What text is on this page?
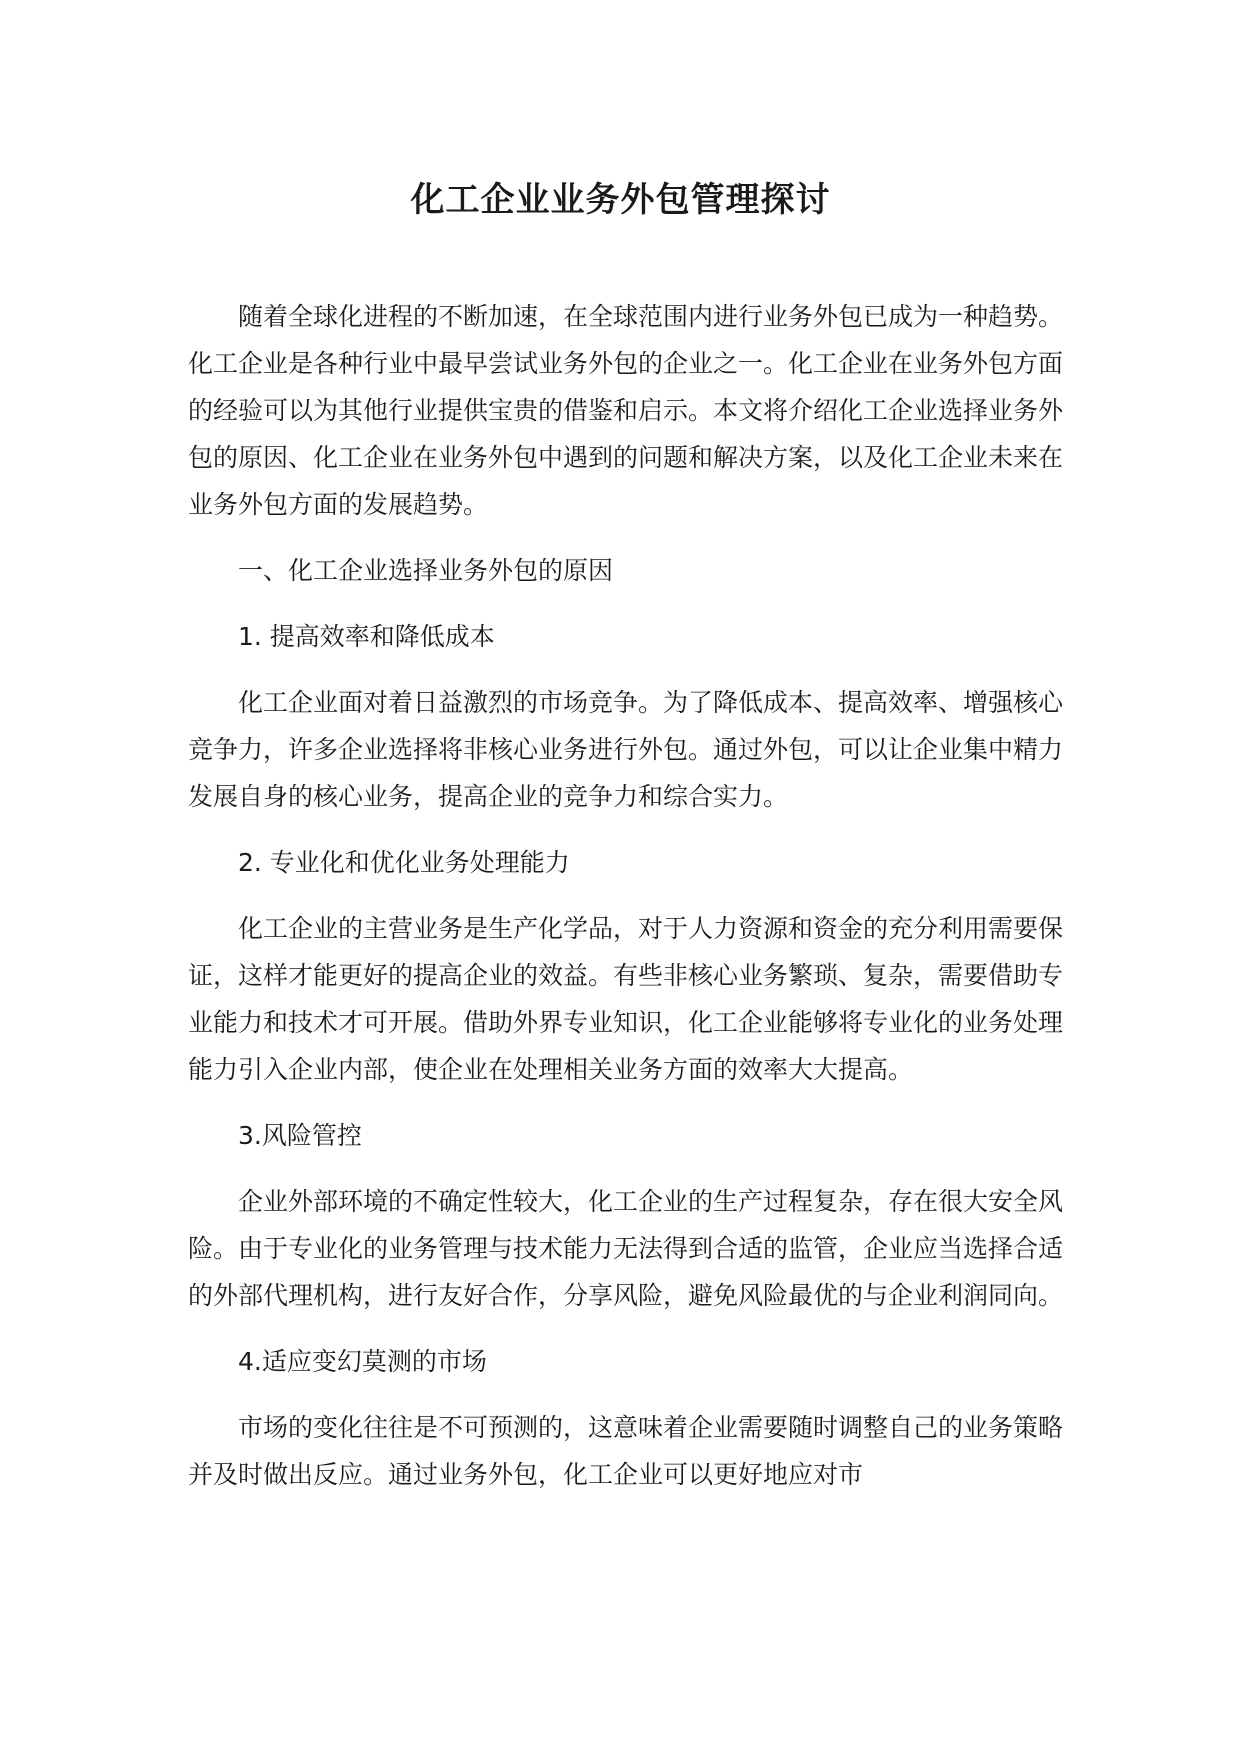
化工企业业务外包管理探讨

随着全球化进程的不断加速，在全球范围内进行业务外包已成为一种趋势。化工企业是各种行业中最早尝试业务外包的企业之一。化工企业在业务外包方面的经验可以为其他行业提供宝贵的借鉴和启示。本文将介绍化工企业选择业务外包的原因、化工企业在业务外包中遇到的问题和解决方案，以及化工企业未来在业务外包方面的发展趋势。

一、化工企业选择业务外包的原因

1. 提高效率和降低成本

化工企业面对着日益激烈的市场竞争。为了降低成本、提高效率、增强核心竞争力，许多企业选择将非核心业务进行外包。通过外包，可以让企业集中精力发展自身的核心业务，提高企业的竞争力和综合实力。

2. 专业化和优化业务处理能力

化工企业的主营业务是生产化学品，对于人力资源和资金的充分利用需要保证，这样才能更好的提高企业的效益。有些非核心业务繁琐、复杂，需要借助专业能力和技术才可开展。借助外界专业知识，化工企业能够将专业化的业务处理能力引入企业内部，使企业在处理相关业务方面的效率大大提高。

3.风险管控

企业外部环境的不确定性较大，化工企业的生产过程复杂，存在很大安全风险。由于专业化的业务管理与技术能力无法得到合适的监管，企业应当选择合适的外部代理机构，进行友好合作，分享风险，避免风险最优的与企业利润同向。

4.适应变幻莫测的市场

市场的变化往往是不可预测的，这意味着企业需要随时调整自己的业务策略并及时做出反应。通过业务外包，化工企业可以更好地应对市
